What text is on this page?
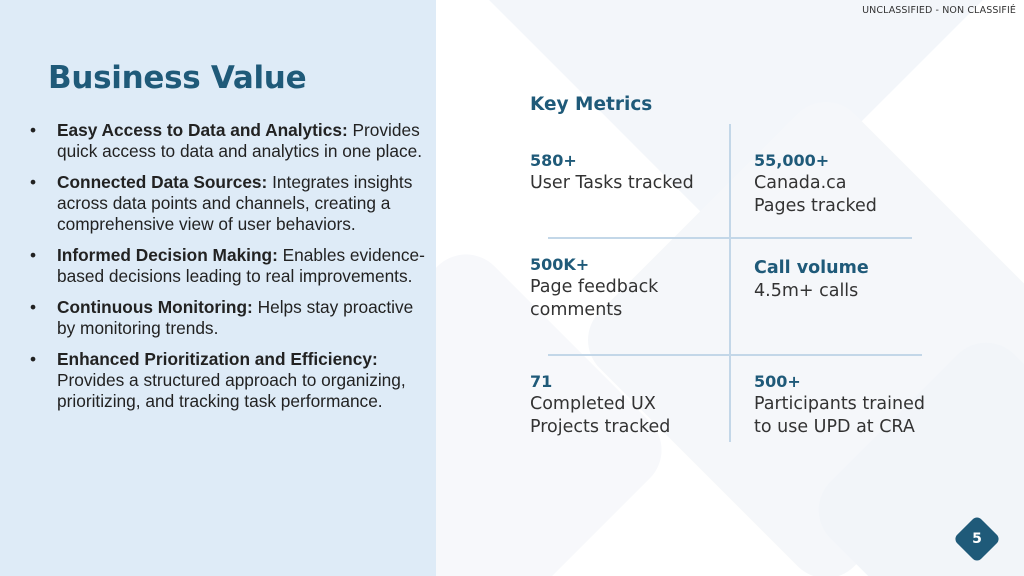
UNCLASSIFIED - NON CLASSIFIÉ
Business Value
• Easy Access to Data and Analytics: Provides quick access to data and analytics in one place.
• Connected Data Sources: Integrates insights across data points and channels, creating a comprehensive view of user behaviors.
• Informed Decision Making: Enables evidence-based decisions leading to real improvements.
• Continuous Monitoring: Helps stay proactive by monitoring trends.
• Enhanced Prioritization and Efficiency: Provides a structured approach to organizing, prioritizing, and tracking task performance.
Key Metrics
580+
User Tasks tracked
55,000+
Canada.ca
Pages tracked
500K+
Page feedback
comments
Call volume
4.5m+ calls
71
Completed UX
Projects tracked
500+
Participants trained
to use UPD at CRA
5
